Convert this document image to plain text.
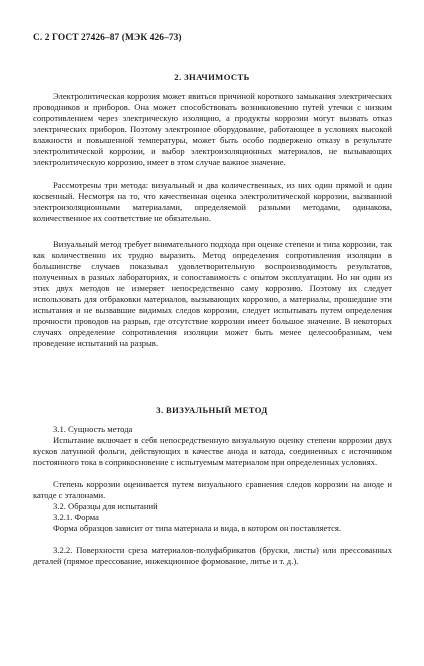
С. 2 ГОСТ 27426–87 (МЭК 426–73)
2. ЗНАЧИМОСТЬ

Электролитическая коррозия может явиться причиной короткого замыкания электрических проводников и приборов. Она может способствовать возникновению путей утечки с низким сопротивлением через электрическую изоляцию, а продукты коррозии могут вызвать отказ электрических приборов. Поэтому электронное оборудование, работающее в условиях высокой влажности и повышенной температуры, может быть особо подвержено отказу в результате электролитической коррозии, и выбор электроизоляционных материалов, не вызывающих электролитическую коррозию, имеет в этом случае важное значение.

Рассмотрены три метода: визуальный и два количественных, из них один прямой и один косвенный. Несмотря на то, что качественная оценка электролитической коррозии, вызванной электроизоляционными материалами, определяемой разными методами, одинакова, количественное их соответствие не обязательно.

Визуальный метод требует внимательного подхода при оценке степени и типа коррозии, так как количественно их трудно выразить. Метод определения сопротивления изоляции в большинстве случаев показывал удовлетворительную воспроизводимость результатов, полученных в разных лабораториях, и сопоставимость с опытом эксплуатации. Но ни один из этих двух методов не измеряет непосредственно саму коррозию. Поэтому их следует использовать для отбраковки материалов, вызывающих коррозию, а материалы, прошедшие эти испытания и не вызвавшие видимых следов коррозии, следует испытывать путем определения прочности проводов на разрыв, где отсутствие коррозии имеет большое значение. В некоторых случаях определение сопротивления изоляции может быть менее целесообразным, чем проведение испытаний на разрыв.

3. ВИЗУАЛЬНЫЙ МЕТОД
3.1. Сущность метода

Испытание включает в себя непосредственную визуальную оценку степени коррозии двух кусков латунной фольги, действующих в качестве анода и катода, соединенных с источником постоянного тока в соприкосновение с испытуемым материалом при определенных условиях.

Степень коррозии оценивается путем визуального сравнения следов коррозии на аноде и катоде с эталонами.

3.2. Образцы для испытаний
3.2.1. Форма

Форма образцов зависит от типа материала и вида, в котором он поставляется.

3.2.2. Поверхности среза материалов-полуфабрикатов (бруски, листы) или прессованных деталей (прямое прессование, инжекционное формование, литье и т. д.).
